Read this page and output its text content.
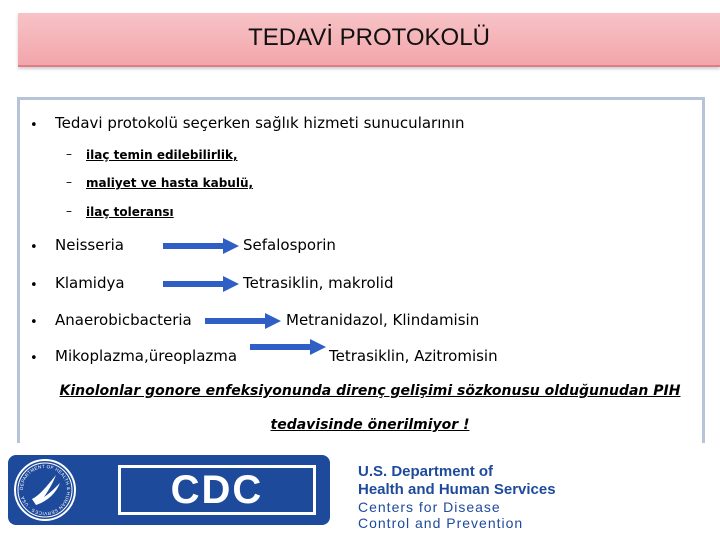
TEDAVİ PROTOKOLÜ
• Tedavi protokolü seçerken sağlık hizmeti sunucularının
– ilaç temin edilebilirlik,
– maliyet ve hasta kabulü,
– ilaç toleransı
• Neisseria	Sefalosporin
• Klamidya	Tetrasiklin, makrolid
• Anaerobicbacteria	Metranidazol, Klindamisin
• Mikoplazma,üreoplazma	Tetrasiklin, Azitromisin
Kinolonlar gonore enfeksiyonunda direnç gelişimi sözkonusu olduğunudan PIH
tedavisinde önerilmiyor !
DEPARTMENT OF HEALTH & HUMAN SERVICES · USA	CDC	U.S. Department of
Health and Human Services
Centers for Disease
Control and Prevention
